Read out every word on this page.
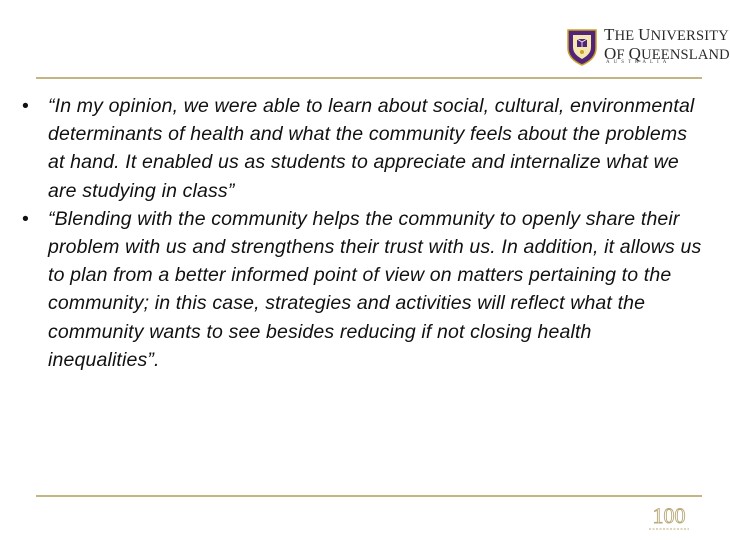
THE UNIVERSITY
OF QUEENSLAND
AUSTRALIA
• “In my opinion, we were able to learn about social, cultural, environmental determinants of health and what the community feels about the problems at hand. It enabled us as students to appreciate and internalize what we are studying in class”
• “Blending with the community helps the community to openly share their problem with us and strengthens their trust with us. In addition, it allows us to plan from a better informed point of view on matters pertaining to the community; in this case, strategies and activities will reflect what the community wants to see besides reducing if not closing health inequalities”.
100
